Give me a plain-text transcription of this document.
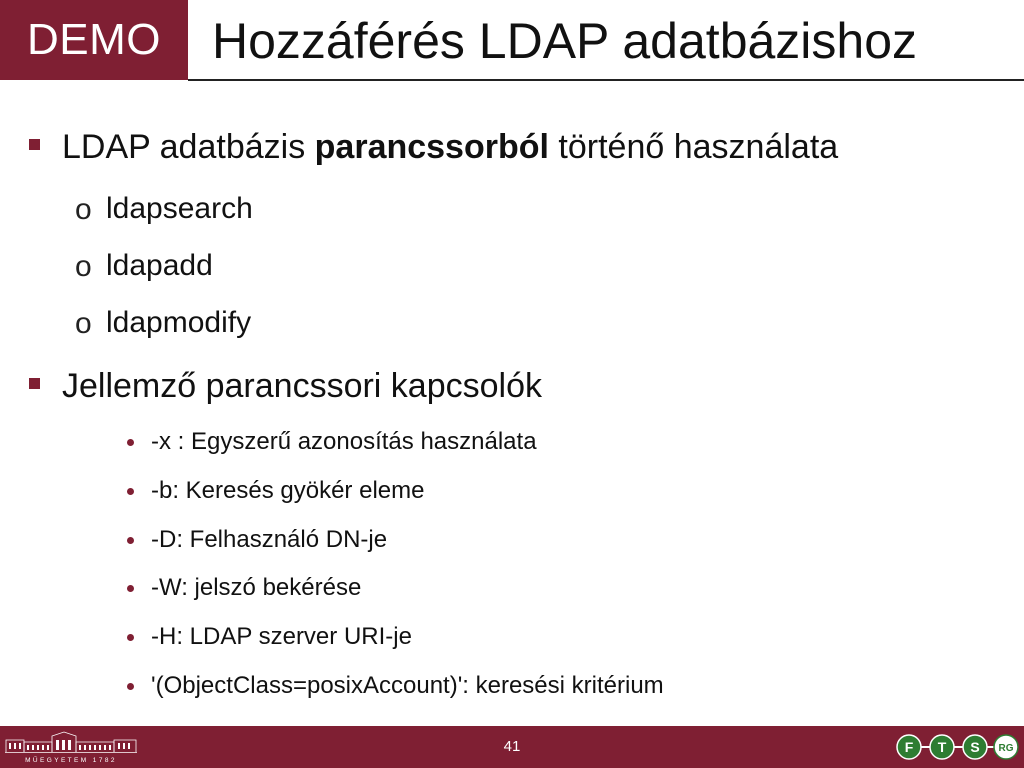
DEMO Hozzáférés LDAP adatbázishoz
LDAP adatbázis parancssorból történő használata
o ldapsearch
o ldapadd
o ldapmodify
Jellemző parancssori kapcsolók
-x : Egyszerű azonosítás használata
-b: Keresés gyökér eleme
-D: Felhasználó DN-je
-W: jelszó bekérése
-H: LDAP szerver URI-je
'(ObjectClass=posixAccount)': keresési kritérium
MŰEGYETEM 1782
41	F T S RG
